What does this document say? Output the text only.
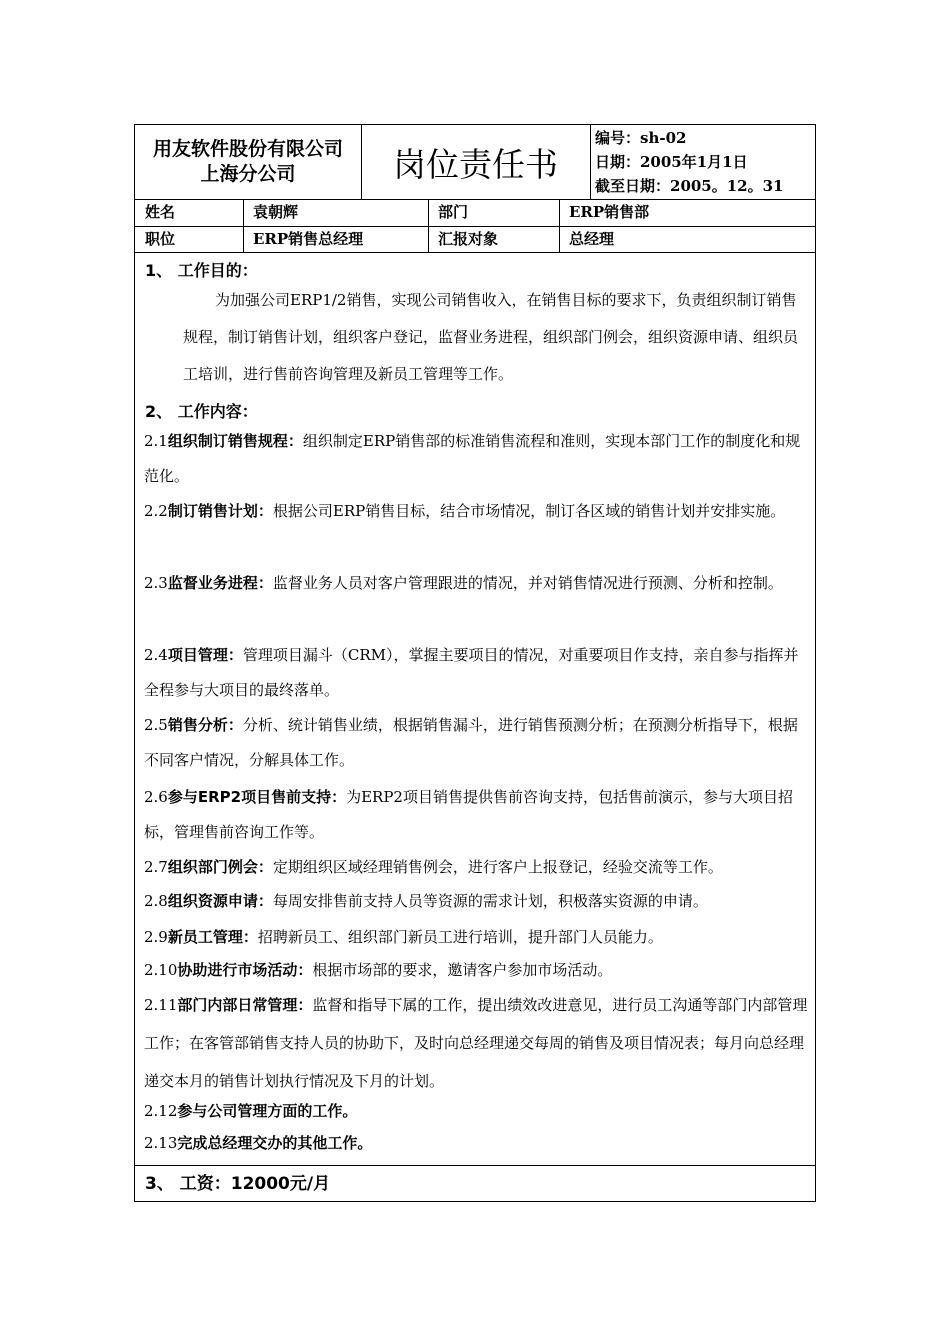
用友软件股份有限公司
上海分公司	岗位责任书
编号：sh-02
日期：2005年1月1日
截至日期：2005。12。31
姓名	袁朝辉	部门	ERP销售部
职位	ERP销售总经理	汇报对象	总经理
1、 工作目的：
为加强公司ERP1/2销售，实现公司销售收入，在销售目标的要求下，负责组织制订销售规程，制订销售计划，组织客户登记，监督业务进程，组织部门例会，组织资源申请、组织员工培训，进行售前咨询管理及新员工管理等工作。
2、 工作内容：
2.1组织制订销售规程：组织制定ERP销售部的标准销售流程和准则，实现本部门工作的制度化和规范化。
2.2制订销售计划：根据公司ERP销售目标，结合市场情况，制订各区域的销售计划并安排实施。
2.3监督业务进程：监督业务人员对客户管理跟进的情况，并对销售情况进行预测、分析和控制。
2.4项目管理：管理项目漏斗（CRM），掌握主要项目的情况，对重要项目作支持，亲自参与指挥并全程参与大项目的最终落单。
2.5销售分析：分析、统计销售业绩，根据销售漏斗，进行销售预测分析；在预测分析指导下，根据不同客户情况，分解具体工作。
2.6参与ERP2项目售前支持：为ERP2项目销售提供售前咨询支持，包括售前演示，参与大项目招标，管理售前咨询工作等。
2.7组织部门例会：定期组织区域经理销售例会，进行客户上报登记，经验交流等工作。
2.8组织资源申请：每周安排售前支持人员等资源的需求计划，积极落实资源的申请。
2.9新员工管理：招聘新员工、组织部门新员工进行培训，提升部门人员能力。
2.10协助进行市场活动：根据市场部的要求，邀请客户参加市场活动。
2.11部门内部日常管理：监督和指导下属的工作，提出绩效改进意见，进行员工沟通等部门内部管理工作；在客管部销售支持人员的协助下，及时向总经理递交每周的销售及项目情况表；每月向总经理递交本月的销售计划执行情况及下月的计划。
2.12参与公司管理方面的工作。
2.13完成总经理交办的其他工作。
3、 工资：12000元/月
